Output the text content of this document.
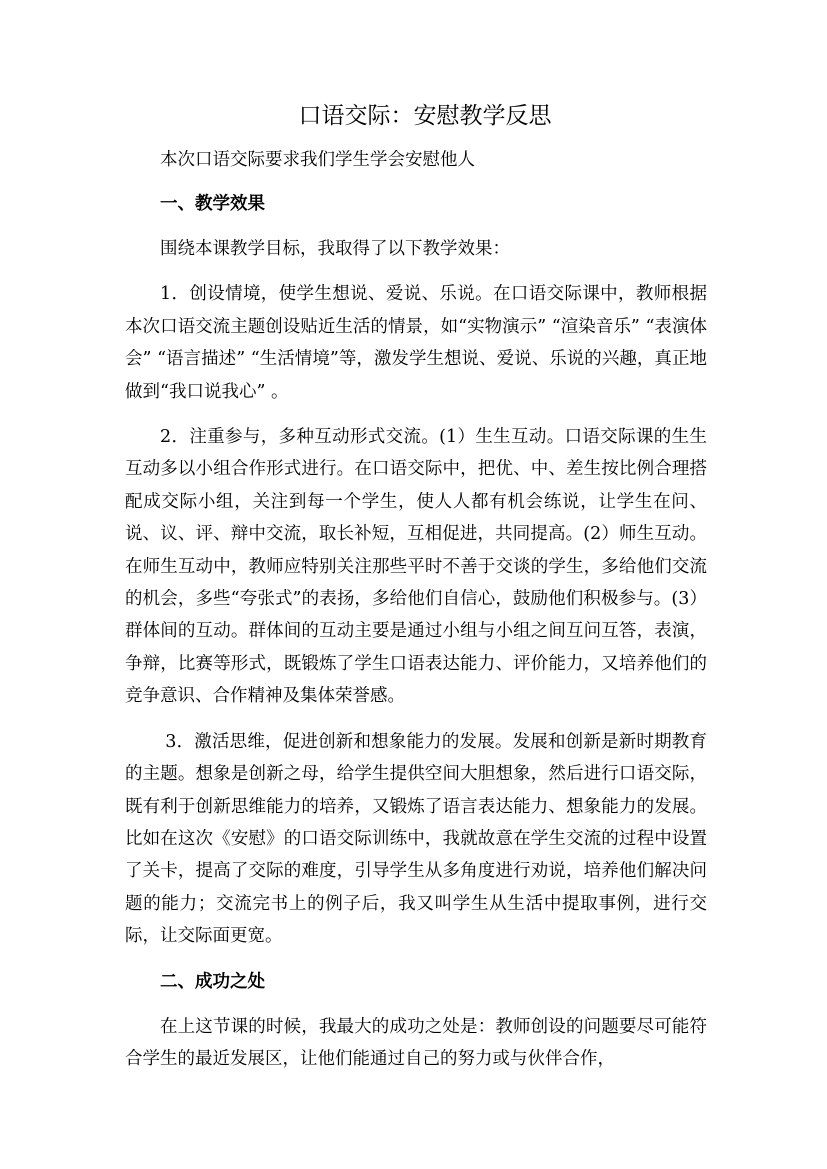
口语交际：安慰教学反思

本次口语交际要求我们学生学会安慰他人

一、教学效果

围绕本课教学目标，我取得了以下教学效果：

1．创设情境，使学生想说、爱说、乐说。在口语交际课中，教师根据本次口语交流主题创设贴近生活的情景，如“实物演示” “渲染音乐” “表演体会” “语言描述” “生活情境”等，激发学生想说、爱说、乐说的兴趣，真正地做到“我口说我心” 。

2．注重参与，多种互动形式交流。(1）生生互动。口语交际课的生生互动多以小组合作形式进行。在口语交际中，把优、中、差生按比例合理搭配成交际小组，关注到每一个学生，使人人都有机会练说，让学生在问、说、议、评、辩中交流，取长补短，互相促进，共同提高。(2）师生互动。在师生互动中，教师应特别关注那些平时不善于交谈的学生，多给他们交流的机会，多些“夸张式”的表扬，多给他们自信心，鼓励他们积极参与。(3）群体间的互动。群体间的互动主要是通过小组与小组之间互问互答，表演，争辩，比赛等形式，既锻炼了学生口语表达能力、评价能力，又培养他们的竞争意识、合作精神及集体荣誉感。

3．激活思维，促进创新和想象能力的发展。发展和创新是新时期教育的主题。想象是创新之母，给学生提供空间大胆想象，然后进行口语交际，既有利于创新思维能力的培养，又锻炼了语言表达能力、想象能力的发展。比如在这次《安慰》的口语交际训练中，我就故意在学生交流的过程中设置了关卡，提高了交际的难度，引导学生从多角度进行劝说，培养他们解决问题的能力；交流完书上的例子后，我又叫学生从生活中提取事例，进行交际，让交际面更宽。

二、成功之处

在上这节课的时候，我最大的成功之处是：教师创设的问题要尽可能符合学生的最近发展区，让他们能通过自己的努力或与伙伴合作，
